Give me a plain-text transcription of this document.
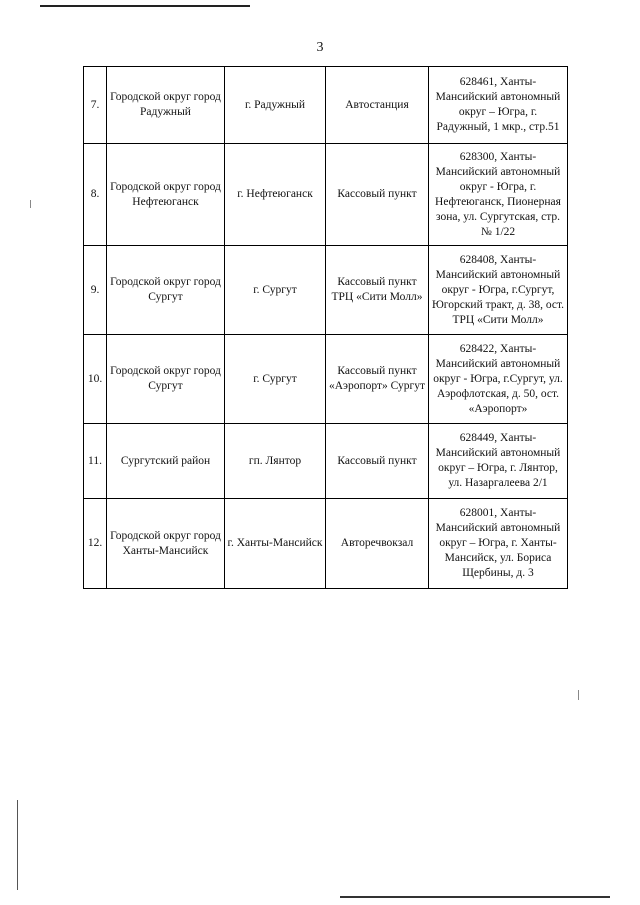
3
7.	Городской округ город Радужный	г. Радужный	Автостанция	628461, Ханты-Мансийский автономный округ – Югра, г. Радужный, 1 мкр., стр.51
8.	Городской округ город Нефтеюганск	г. Нефтеюганск	Кассовый пункт	628300, Ханты-Мансийский автономный округ - Югра, г. Нефтеюганск, Пионерная зона, ул. Сургутская, стр. № 1/22
9.	Городской округ город Сургут	г. Сургут	Кассовый пункт ТРЦ «Сити Молл»	628408, Ханты-Мансийский автономный округ - Югра, г.Сургут, Югорский тракт, д. 38, ост. ТРЦ «Сити Молл»
10.	Городской округ город Сургут	г. Сургут	Кассовый пункт «Аэропорт» Сургут	628422, Ханты-Мансийский автономный округ - Югра, г.Сургут, ул. Аэрофлотская, д. 50, ост. «Аэропорт»
11.	Сургутский район	гп. Лянтор	Кассовый пункт	628449, Ханты-Мансийский автономный округ – Югра, г. Лянтор, ул. Назаргалеева 2/1
12.	Городской округ город Ханты-Мансийск	г. Ханты-Мансийск	Авторечвокзал	628001, Ханты-Мансийский автономный округ – Югра, г. Ханты-Мансийск, ул. Бориса Щербины, д. 3
